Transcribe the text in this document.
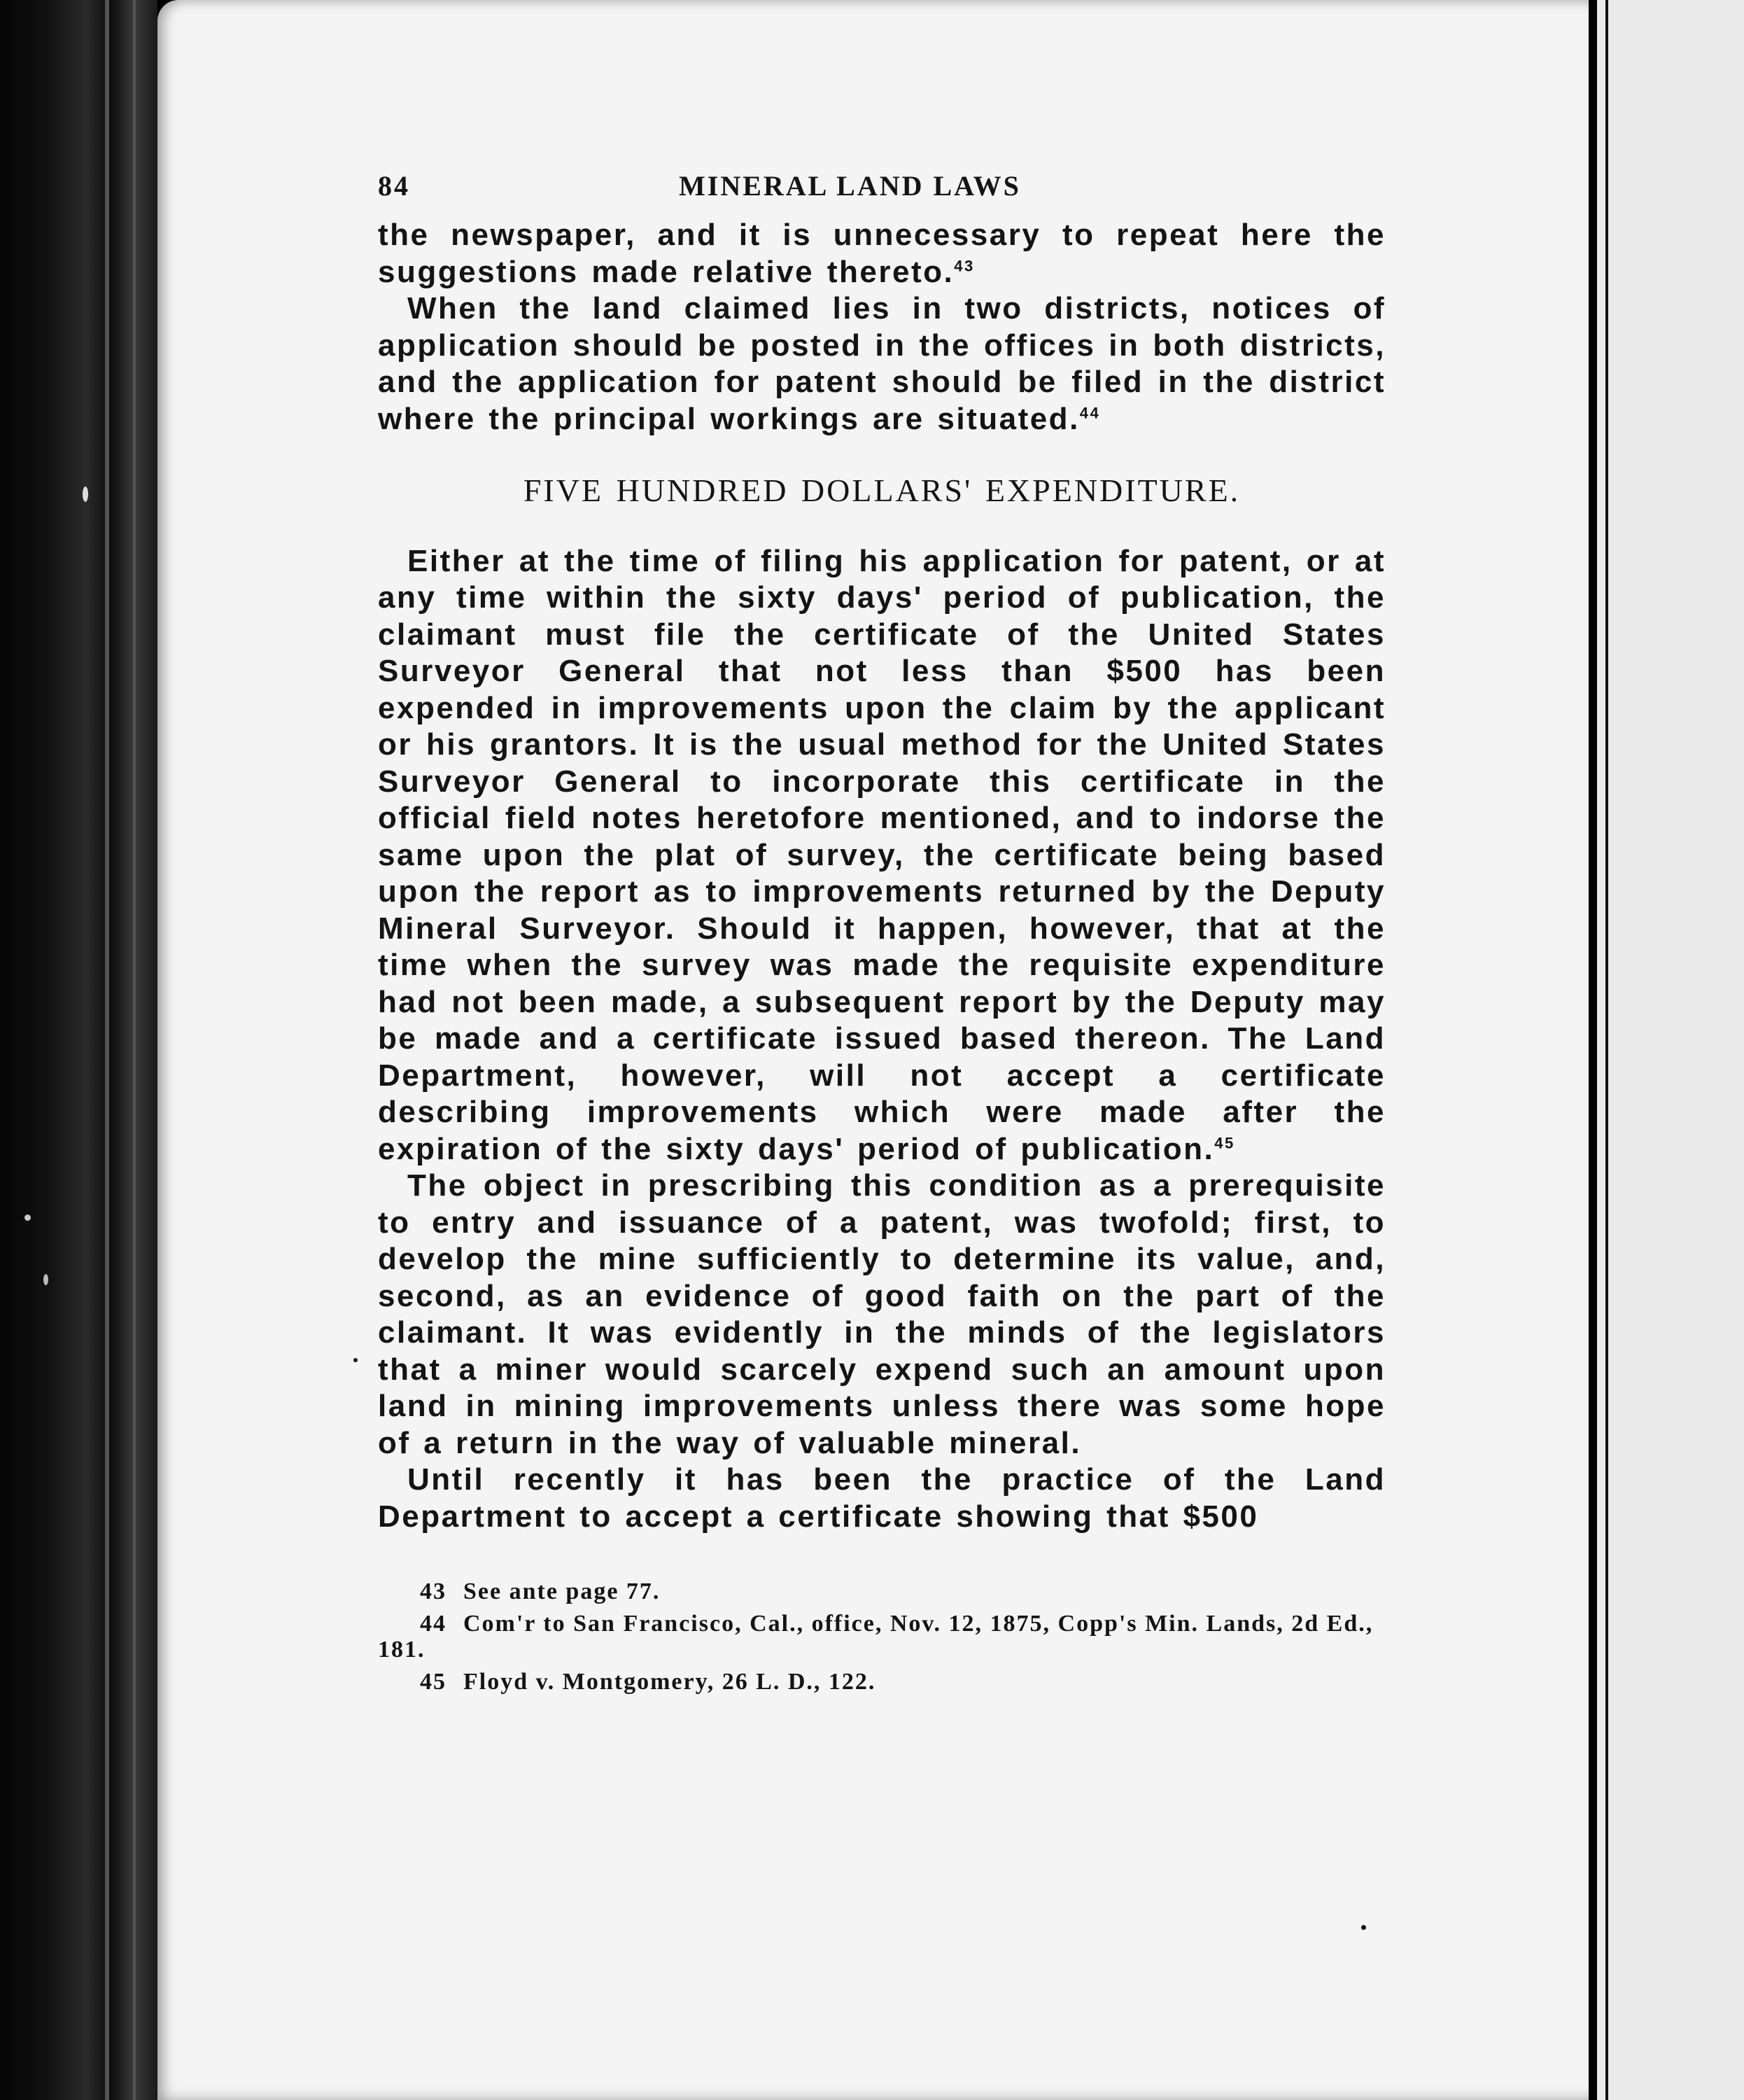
84	MINERAL LAND LAWS

the newspaper, and it is unnecessary to repeat here the suggestions made relative thereto.$^{43}$

When the land claimed lies in two districts, notices of application should be posted in the offices in both districts, and the application for patent should be filed in the district where the principal workings are situated.$^{44}$

FIVE HUNDRED DOLLARS' EXPENDITURE.

Either at the time of filing his application for patent, or at any time within the sixty days' period of publication, the claimant must file the certificate of the United States Surveyor General that not less than $500 has been expended in improvements upon the claim by the applicant or his grantors. It is the usual method for the United States Surveyor General to incorporate this certificate in the official field notes heretofore mentioned, and to indorse the same upon the plat of survey, the certificate being based upon the report as to improvements returned by the Deputy Mineral Surveyor. Should it happen, however, that at the time when the survey was made the requisite expenditure had not been made, a subsequent report by the Deputy may be made and a certificate issued based thereon. The Land Department, however, will not accept a certificate describing improvements which were made after the expiration of the sixty days' period of publication.$^{45}$

The object in prescribing this condition as a prerequisite to entry and issuance of a patent, was twofold; first, to develop the mine sufficiently to determine its value, and, second, as an evidence of good faith on the part of the claimant. It was evidently in the minds of the legislators that a miner would scarcely expend such an amount upon land in mining improvements unless there was some hope of a return in the way of valuable mineral.

Until recently it has been the practice of the Land Department to accept a certificate showing that $500

43 See ante page 77.

44 Com'r to San Francisco, Cal., office, Nov. 12, 1875, Copp's Min. Lands, 2d Ed., 181.

45 Floyd v. Montgomery, 26 L. D., 122.
